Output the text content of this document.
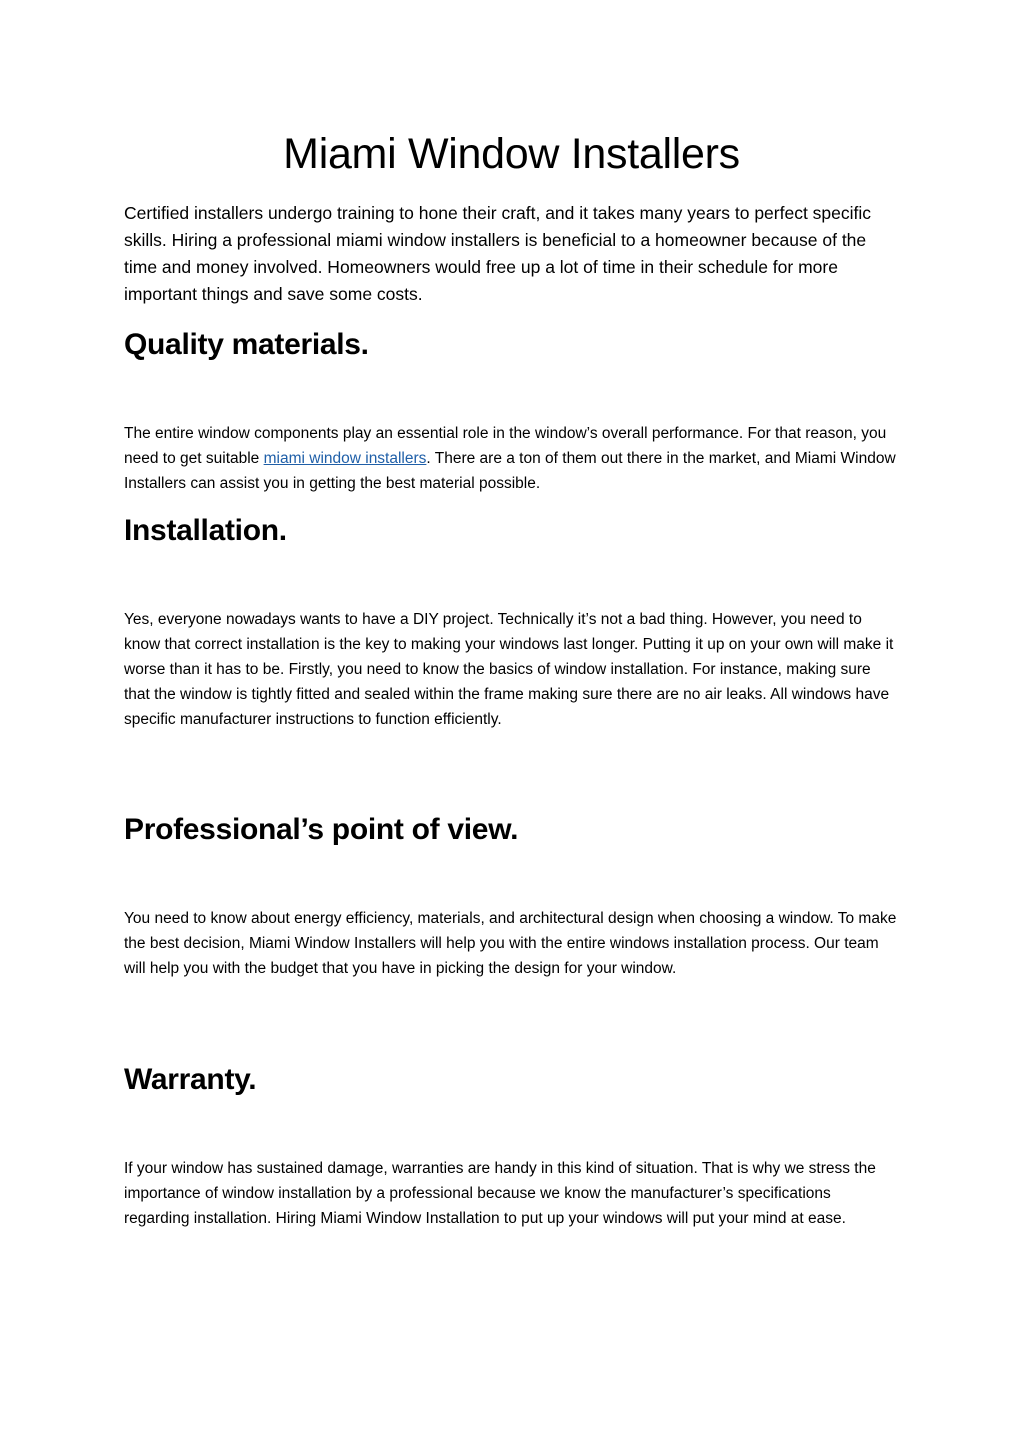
Miami Window Installers

Certified installers undergo training to hone their craft, and it takes many years to perfect specific skills. Hiring a professional miami window installers is beneficial to a homeowner because of the time and money involved. Homeowners would free up a lot of time in their schedule for more important things and save some costs.

Quality materials.

The entire window components play an essential role in the window’s overall performance. For that reason, you need to get suitable miami window installers. There are a ton of them out there in the market, and Miami Window Installers can assist you in getting the best material possible.

Installation.

Yes, everyone nowadays wants to have a DIY project. Technically it’s not a bad thing. However, you need to know that correct installation is the key to making your windows last longer. Putting it up on your own will make it worse than it has to be. Firstly, you need to know the basics of window installation. For instance, making sure that the window is tightly fitted and sealed within the frame making sure there are no air leaks. All windows have specific manufacturer instructions to function efficiently.

Professional’s point of view.

You need to know about energy efficiency, materials, and architectural design when choosing a window. To make the best decision, Miami Window Installers will help you with the entire windows installation process. Our team will help you with the budget that you have in picking the design for your window.

Warranty.

If your window has sustained damage, warranties are handy in this kind of situation. That is why we stress the importance of window installation by a professional because we know the manufacturer’s specifications regarding installation. Hiring Miami Window Installation to put up your windows will put your mind at ease.
